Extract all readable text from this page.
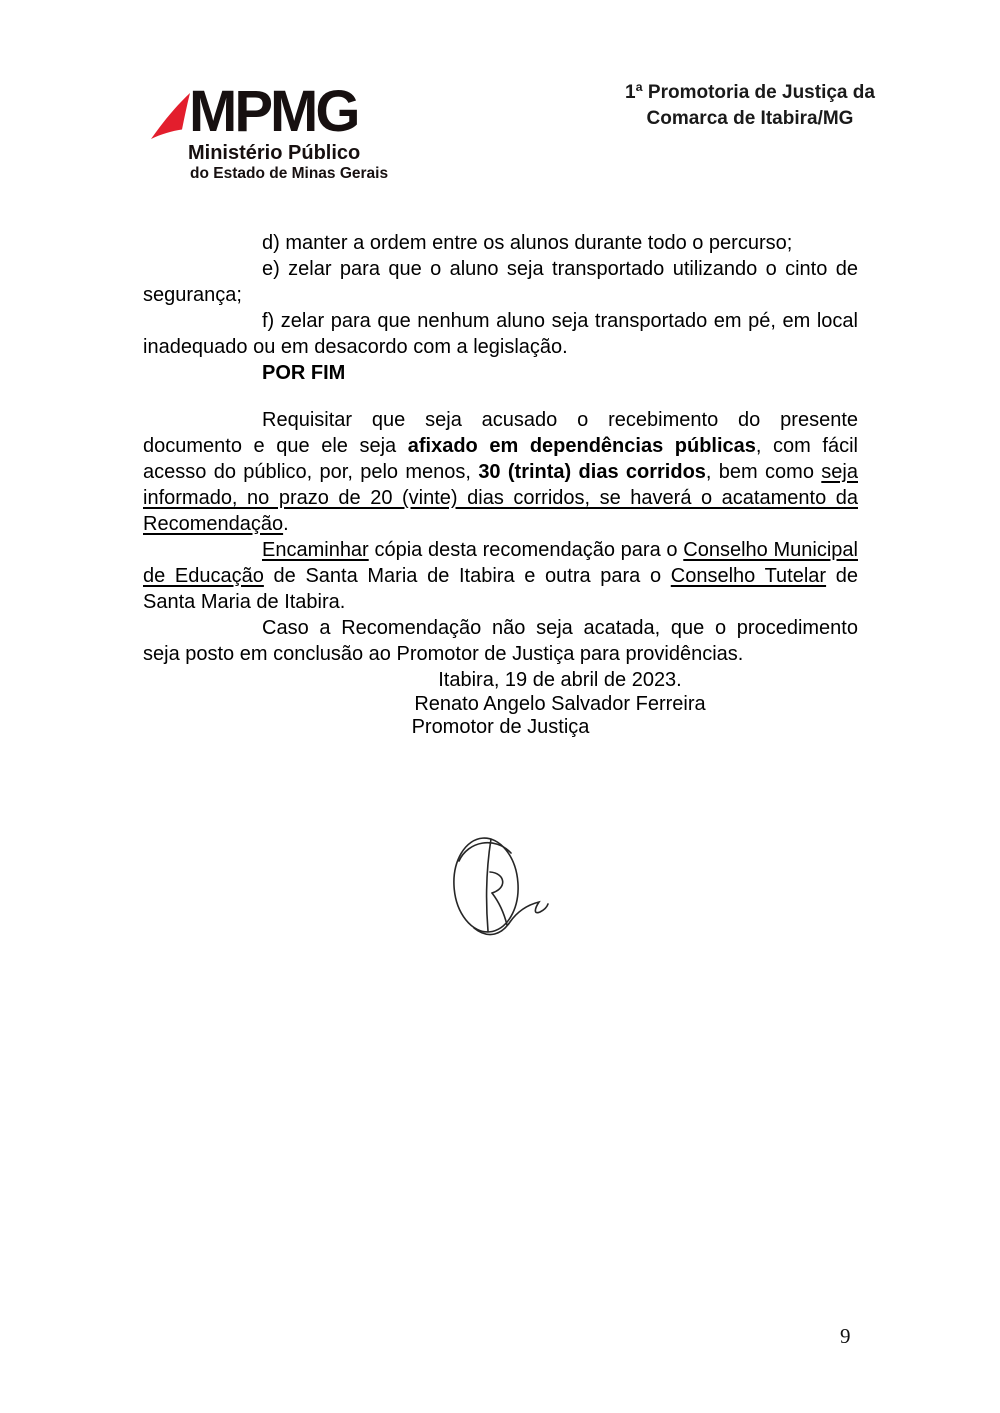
MPMG
Ministério Público
do Estado de Minas Gerais
1ª Promotoria de Justiça da
Comarca de Itabira/MG

d) manter a ordem entre os alunos durante todo o percurso;

e) zelar para que o aluno seja transportado utilizando o cinto de segurança;

f) zelar para que nenhum aluno seja transportado em pé, em local inadequado ou em desacordo com a legislação.

POR FIM

Requisitar que seja acusado o recebimento do presente documento e que ele seja afixado em dependências públicas, com fácil acesso do público, por, pelo menos, 30 (trinta) dias corridos, bem como seja informado, no prazo de 20 (vinte) dias corridos, se haverá o acatamento da Recomendação.

Encaminhar cópia desta recomendação para o Conselho Municipal de Educação de Santa Maria de Itabira e outra para o Conselho Tutelar de Santa Maria de Itabira.

Caso a Recomendação não seja acatada, que o procedimento seja posto em conclusão ao Promotor de Justiça para providências.

Itabira, 19 de abril de 2023.

Renato Angelo Salvador Ferreira
Promotor de Justiça

9
